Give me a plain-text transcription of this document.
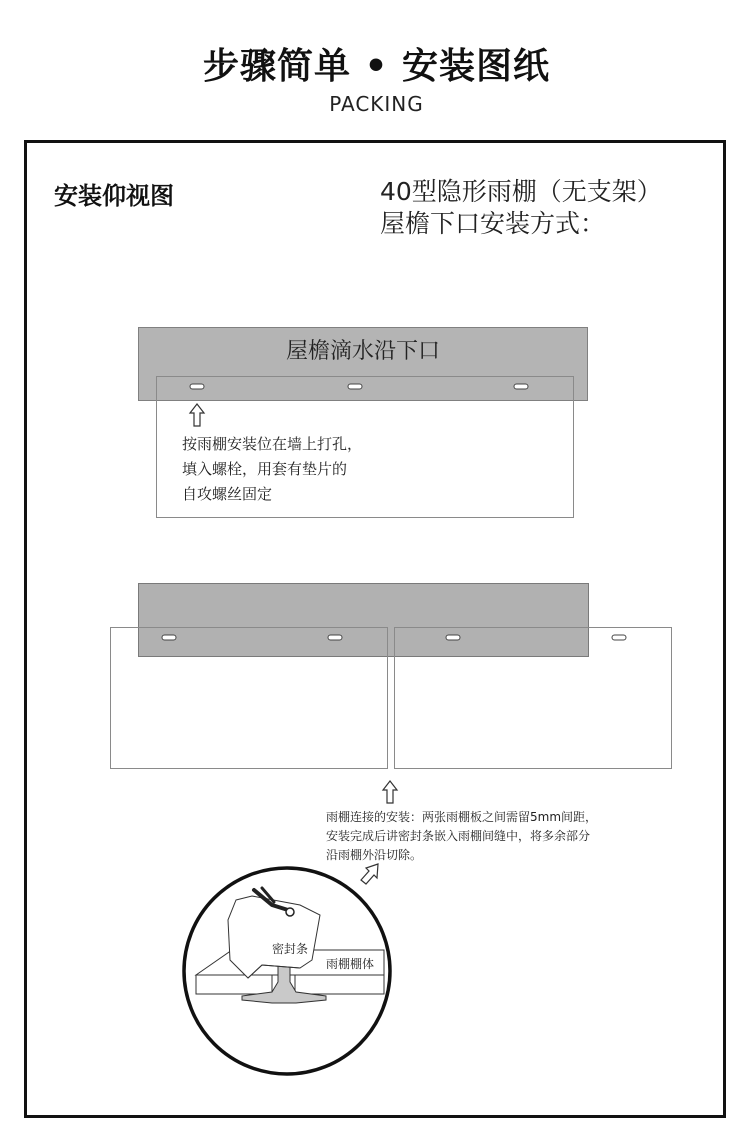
步骤简单 • 安装图纸
PACKING
安装仰视图	40型隐形雨棚（无支架）
屋檐下口安装方式：
屋檐滴水沿下口
按雨棚安装位在墙上打孔，
填入螺栓，用套有垫片的
自攻螺丝固定
雨棚连接的安装：两张雨棚板之间需留5mm间距，
安装完成后讲密封条嵌入雨棚间缝中，将多余部分
沿雨棚外沿切除。
密封条
雨棚棚体
